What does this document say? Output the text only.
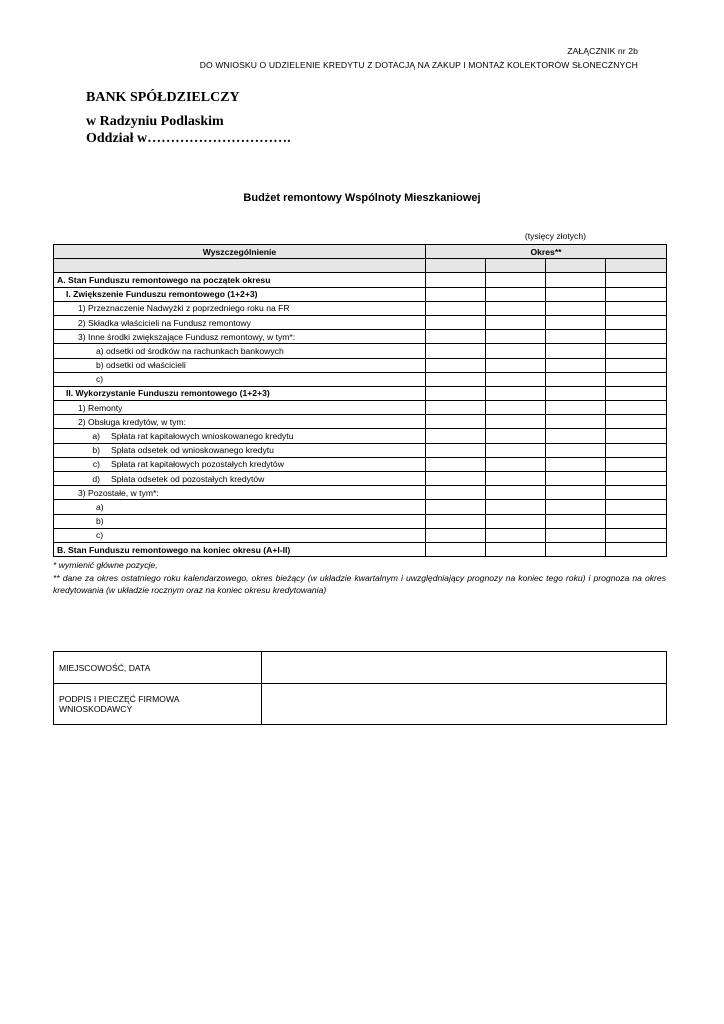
ZAŁĄCZNIK nr 2b
DO WNIOSKU O UDZIELENIE KREDYTU Z DOTACJĄ NA ZAKUP I MONTAŻ KOLEKTORÓW SŁONECZNYCH
BANK SPÓŁDZIELCZY
w Radzyniu Podlaskim
Oddział w………………………….
Budżet remontowy Wspólnoty Mieszkaniowej
(tysięcy złotych)
Wyszczególnienie	Okres**			

A. Stan Funduszu remontowego na początek okresu				
I. Zwiększenie Funduszu remontowego (1+2+3)				
1) Przeznaczenie Nadwyżki z poprzedniego roku na FR				
2) Składka właścicieli na Fundusz remontowy				
3) Inne środki zwiększające Fundusz remontowy, w tym*:				
a) odsetki od środków na rachunkach bankowych				
b) odsetki od właścicieli				
c)				
II. Wykorzystanie Funduszu remontowego (1+2+3)				
1) Remonty				
2) Obsługa kredytów, w tym:				
a) Spłata rat kapitałowych wnioskowanego kredytu				
b) Spłata odsetek od wnioskowanego kredytu				
c) Spłata rat kapitałowych pozostałych kredytów				
d) Spłata odsetek od pozostałych kredytów				
3) Pozostałe, w tym*:				
a)				
b)				
c)				
B. Stan Funduszu remontowego na koniec okresu (A+I-II)				

* wymienić główne pozycje,

** dane za okres ostatniego roku kalendarzowego, okres bieżący (w układzie kwartalnym i uwzględniający prognozy na koniec tego roku) i prognoza na okres kredytowania (w układzie rocznym oraz na koniec okresu kredytowania)

MIEJSCOWOŚĆ, DATA	

PODPIS I PIECZĘĆ FIRMOWA
WNIOSKODAWCY	
